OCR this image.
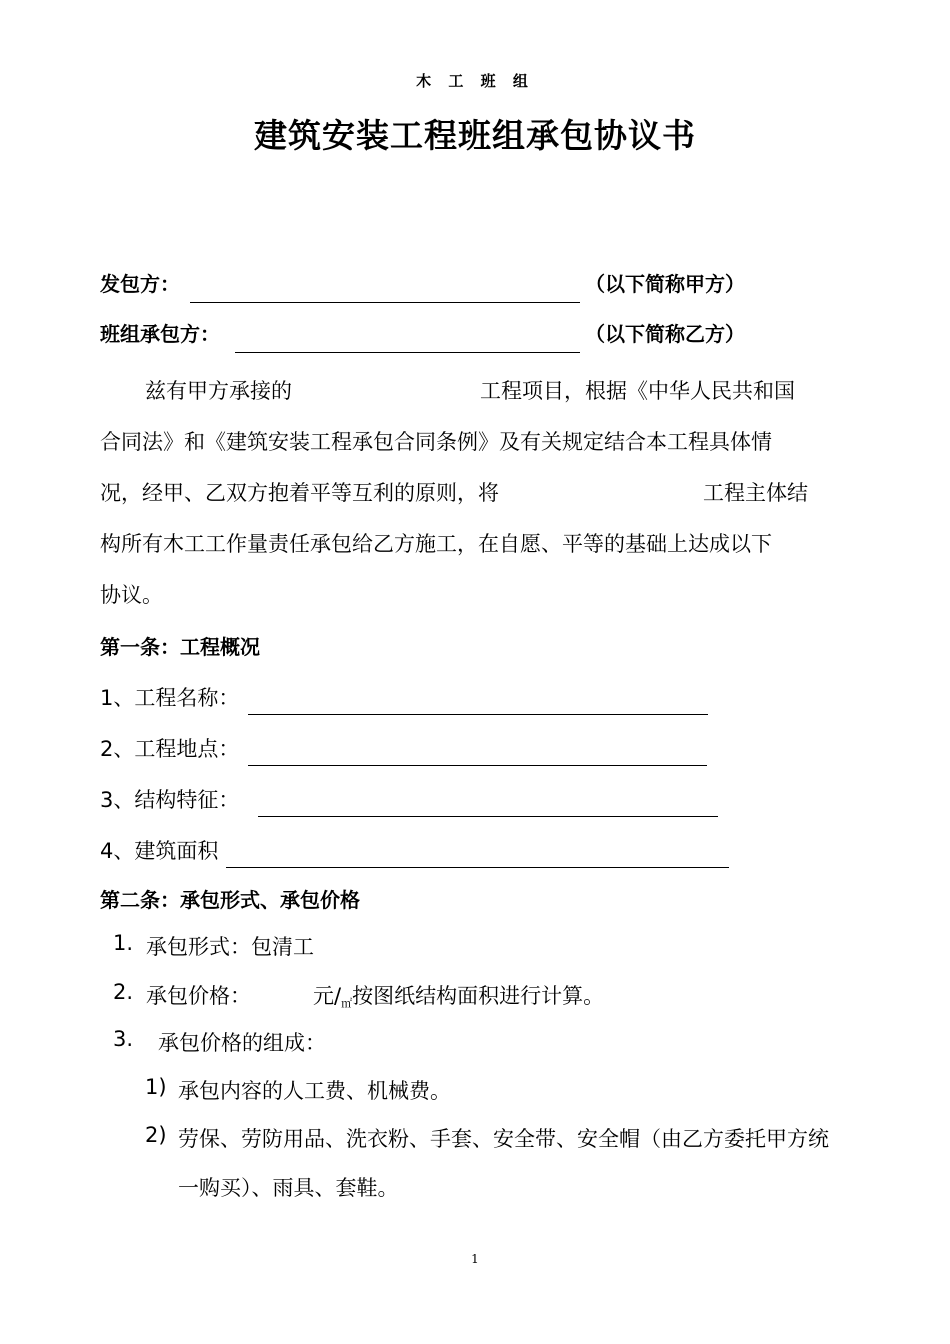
木 工 班 组
建筑安装工程班组承包协议书
发包方：	（以下简称甲方）
班组承包方：	（以下简称乙方）
兹有甲方承接的	工程项目，根据《中华人民共和国
合同法》和《建筑安装工程承包合同条例》及有关规定结合本工程具体情
况，经甲、乙双方抱着平等互利的原则，将	工程主体结
构所有木工工作量责任承包给乙方施工，在自愿、平等的基础上达成以下
协议。
第一条：工程概况
1、工程名称：
2、工程地点：
3、结构特征：
4、建筑面积
第二条：承包形式、承包价格
1. 承包形式：包清工
2. 承包价格：	元/㎡按图纸结构面积进行计算。
3. 承包价格的组成：
1) 承包内容的人工费、机械费。
2) 劳保、劳防用品、洗衣粉、手套、安全带、安全帽（由乙方委托甲方统
一购买）、雨具、套鞋。
1
